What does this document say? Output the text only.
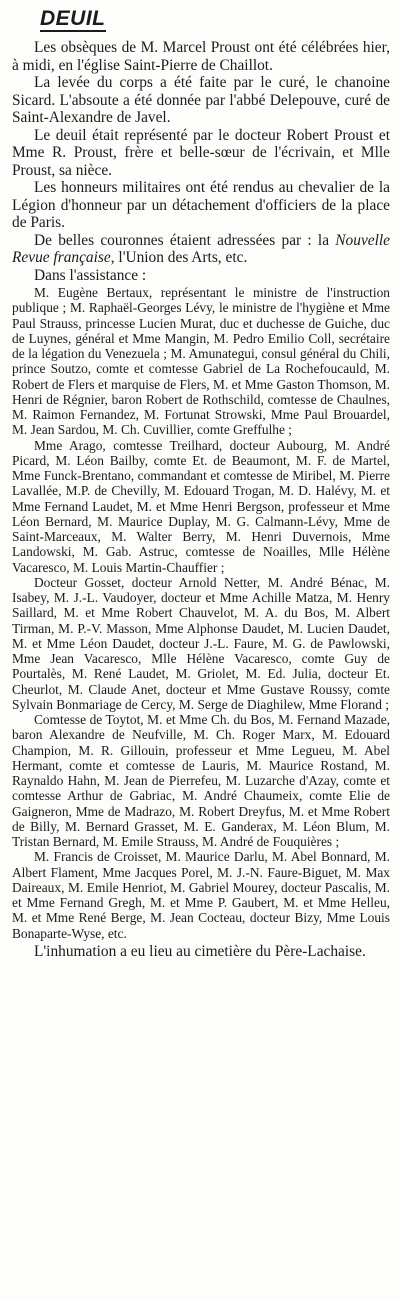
DEUIL

Les obsèques de M. Marcel Proust ont été célébrées hier, à midi, en l'église Saint-Pierre de Chaillot.

La levée du corps a été faite par le curé, le chanoine Sicard. L'absoute a été donnée par l'abbé Delepouve, curé de Saint-Alexandre de Javel.

Le deuil était représenté par le docteur Robert Proust et Mme R. Proust, frère et belle-sœur de l'écrivain, et Mlle Proust, sa nièce.

Les honneurs militaires ont été rendus au chevalier de la Légion d'honneur par un détachement d'officiers de la place de Paris.

De belles couronnes étaient adressées par : la Nouvelle Revue française, l'Union des Arts, etc.

Dans l'assistance :

M. Eugène Bertaux, représentant le ministre de l'instruction publique ; M. Raphaël-Georges Lévy, le ministre de l'hygiène et Mme Paul Strauss, princesse Lucien Murat, duc et duchesse de Guiche, duc de Luynes, général et Mme Mangin, M. Pedro Emilio Coll, secrétaire de la légation du Venezuela ; M. Amunategui, consul général du Chili, prince Soutzo, comte et comtesse Gabriel de La Rochefoucauld, M. Robert de Flers et marquise de Flers, M. et Mme Gaston Thomson, M. Henri de Régnier, baron Robert de Rothschild, comtesse de Chaulnes, M. Raimon Fernandez, M. Fortunat Strowski, Mme Paul Brouardel, M. Jean Sardou, M. Ch. Cuvillier, comte Greffulhe ;

Mme Arago, comtesse Treilhard, docteur Aubourg, M. André Picard, M. Léon Bailby, comte Et. de Beaumont, M. F. de Martel, Mme Funck-Brentano, commandant et comtesse de Miribel, M. Pierre Lavallée, M.P. de Chevilly, M. Edouard Trogan, M. D. Halévy, M. et Mme Fernand Laudet, M. et Mme Henri Bergson, professeur et Mme Léon Bernard, M. Maurice Duplay, M. G. Calmann-Lévy, Mme de Saint-Marceaux, M. Walter Berry, M. Henri Duvernois, Mme Landowski, M. Gab. Astruc, comtesse de Noailles, Mlle Hélène Vacaresco, M. Louis Martin-Chauffier ;

Docteur Gosset, docteur Arnold Netter, M. André Bénac, M. Isabey, M. J.-L. Vaudoyer, docteur et Mme Achille Matza, M. Henry Saillard, M. et Mme Robert Chauvelot, M. A. du Bos, M. Albert Tirman, M. P.-V. Masson, Mme Alphonse Daudet, M. Lucien Daudet, M. et Mme Léon Daudet, docteur J.-L. Faure, M. G. de Pawlowski, Mme Jean Vacaresco, Mlle Hélène Vacaresco, comte Guy de Pourtalès, M. René Laudet, M. Griolet, M. Ed. Julia, docteur Et. Cheurlot, M. Claude Anet, docteur et Mme Gustave Roussy, comte Sylvain Bonmariage de Cercy, M. Serge de Diaghilew, Mme Florand ;

Comtesse de Toytot, M. et Mme Ch. du Bos, M. Fernand Mazade, baron Alexandre de Neufville, M. Ch. Roger Marx, M. Edouard Champion, M. R. Gillouin, professeur et Mme Legueu, M. Abel Hermant, comte et comtesse de Lauris, M. Maurice Rostand, M. Raynaldo Hahn, M. Jean de Pierrefeu, M. Luzarche d'Azay, comte et comtesse Arthur de Gabriac, M. André Chaumeix, comte Elie de Gaigneron, Mme de Madrazo, M. Robert Dreyfus, M. et Mme Robert de Billy, M. Bernard Grasset, M. E. Ganderax, M. Léon Blum, M. Tristan Bernard, M. Emile Strauss, M. André de Fouquières ;

M. Francis de Croisset, M. Maurice Darlu, M. Abel Bonnard, M. Albert Flament, Mme Jacques Porel, M. J.-N. Faure-Biguet, M. Max Daireaux, M. Emile Henriot, M. Gabriel Mourey, docteur Pascalis, M. et Mme Fernand Gregh, M. et Mme P. Gaubert, M. et Mme Helleu, M. et Mme René Berge, M. Jean Cocteau, docteur Bizy, Mme Louis Bonaparte-Wyse, etc.

L'inhumation a eu lieu au cimetière du Père-Lachaise.
